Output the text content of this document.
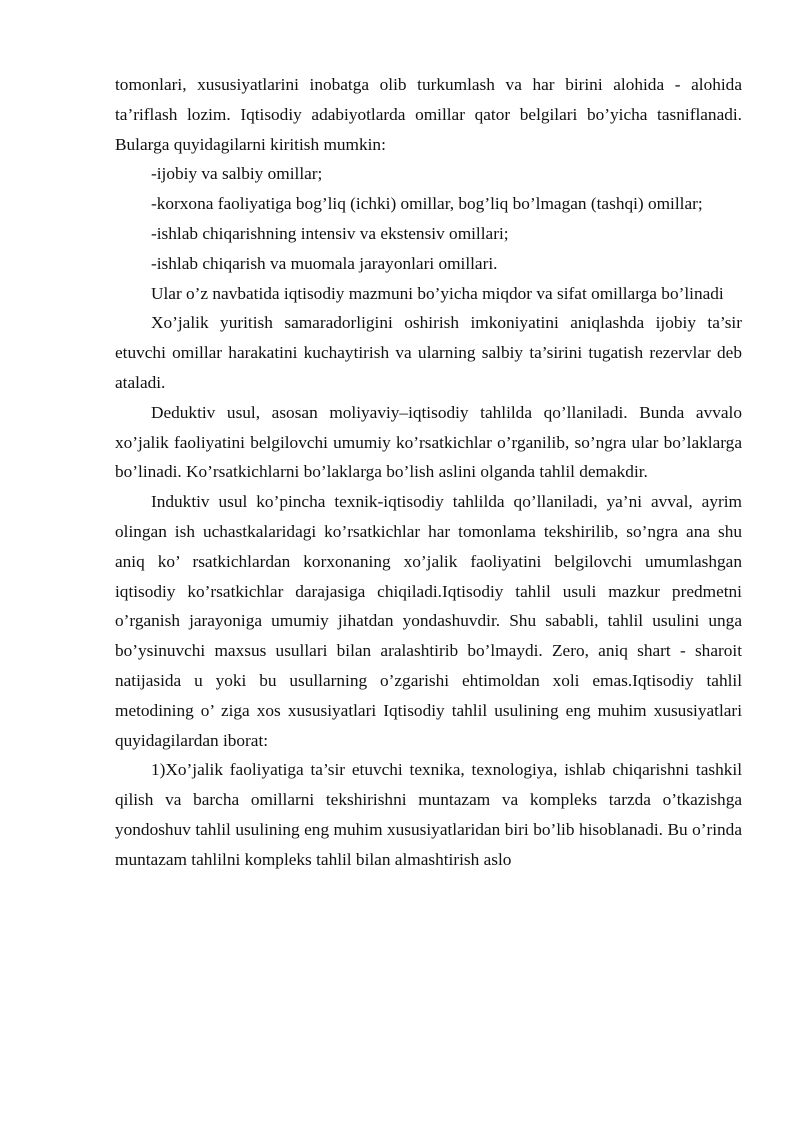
tomonlari, xususiyatlarini inobatga olib turkumlash va har birini alohida - alohida ta’riflash lozim. Iqtisodiy adabiyotlarda omillar qator belgilari bo’yicha tasniflanadi. Bularga quyidagilarni kiritish mumkin:

-ijobiy va salbiy omillar;

-korxona faoliyatiga bog’liq (ichki) omillar, bog’liq bo’lmagan (tashqi) omillar;

-ishlab chiqarishning intensiv va ekstensiv omillari;

-ishlab chiqarish va muomala jarayonlari omillari.

Ular o’z navbatida iqtisodiy mazmuni bo’yicha miqdor va sifat omillarga bo’linadi

Xo’jalik yuritish samaradorligini oshirish imkoniyatini aniqlashda ijobiy ta’sir etuvchi omillar harakatini kuchaytirish va ularning salbiy ta’sirini tugatish rezervlar deb ataladi.

Deduktiv usul, asosan moliyaviy–iqtisodiy tahlilda qo’llaniladi. Bunda avvalo xo’jalik faoliyatini belgilovchi umumiy ko’rsatkichlar o’rganilib, so’ngra ular bo’laklarga bo’linadi. Ko’rsatkichlarni bo’laklarga bo’lish aslini olganda tahlil demakdir.

Induktiv usul ko’pincha texnik-iqtisodiy tahlilda qo’llaniladi, ya’ni avval, ayrim olingan ish uchastkalaridagi ko’rsatkichlar har tomonlama tekshirilib, so’ngra ana shu aniq ko’ rsatkichlardan korxonaning xo’jalik faoliyatini belgilovchi umumlashgan iqtisodiy ko’rsatkichlar darajasiga chiqiladi.Iqtisodiy tahlil usuli mazkur predmetni o’rganish jarayoniga umumiy jihatdan yondashuvdir. Shu sababli, tahlil usulini unga bo’ysinuvchi maxsus usullari bilan aralashtirib bo’lmaydi. Zero, aniq shart - sharoit natijasida u yoki bu usullarning o’zgarishi ehtimoldan xoli emas.Iqtisodiy tahlil metodining o’ ziga xos xususiyatlari Iqtisodiy tahlil usulining eng muhim xususiyatlari quyidagilardan iborat:

1)Xo’jalik faoliyatiga ta’sir etuvchi texnika, texnologiya, ishlab chiqarishni tashkil qilish va barcha omillarni tekshirishni muntazam va kompleks tarzda o’tkazishga yondoshuv tahlil usulining eng muhim xususiyatlaridan biri bo’lib hisoblanadi. Bu o’rinda muntazam tahlilni kompleks tahlil bilan almashtirish aslo
